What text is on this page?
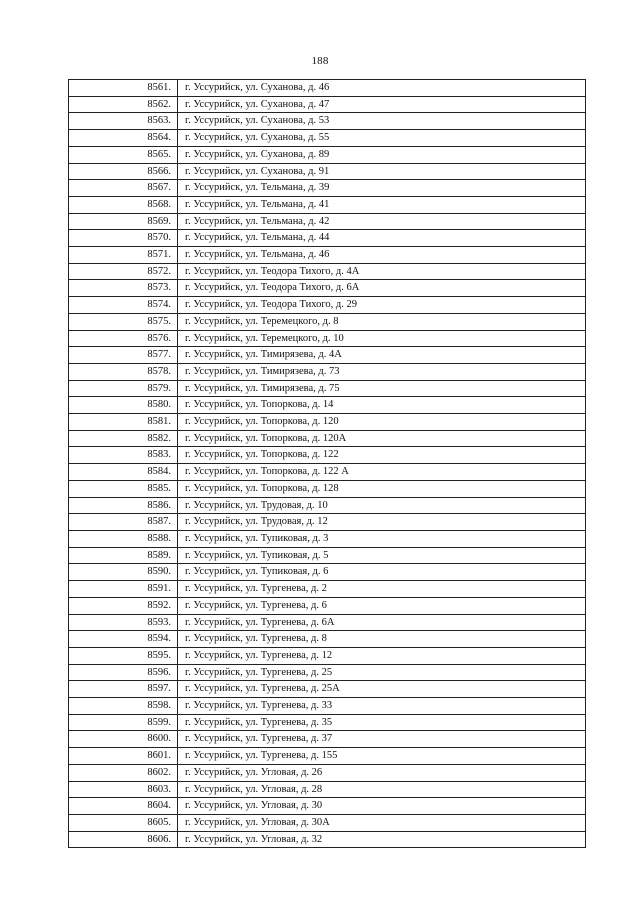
188
8561.	г. Уссурийск, ул. Суханова, д. 46
8562.	г. Уссурийск, ул. Суханова, д. 47
8563.	г. Уссурийск, ул. Суханова, д. 53
8564.	г. Уссурийск, ул. Суханова, д. 55
8565.	г. Уссурийск, ул. Суханова, д. 89
8566.	г. Уссурийск, ул. Суханова, д. 91
8567.	г. Уссурийск, ул. Тельмана, д. 39
8568.	г. Уссурийск, ул. Тельмана, д. 41
8569.	г. Уссурийск, ул. Тельмана, д. 42
8570.	г. Уссурийск, ул. Тельмана, д. 44
8571.	г. Уссурийск, ул. Тельмана, д. 46
8572.	г. Уссурийск, ул. Теодора Тихого, д. 4А
8573.	г. Уссурийск, ул. Теодора Тихого, д. 6А
8574.	г. Уссурийск, ул. Теодора Тихого, д. 29
8575.	г. Уссурийск, ул. Теремецкого, д. 8
8576.	г. Уссурийск, ул. Теремецкого, д. 10
8577.	г. Уссурийск, ул. Тимирязева, д. 4А
8578.	г. Уссурийск, ул. Тимирязева, д. 73
8579.	г. Уссурийск, ул. Тимирязева, д. 75
8580.	г. Уссурийск, ул. Топоркова, д. 14
8581.	г. Уссурийск, ул. Топоркова, д. 120
8582.	г. Уссурийск, ул. Топоркова, д. 120А
8583.	г. Уссурийск, ул. Топоркова, д. 122
8584.	г. Уссурийск, ул. Топоркова, д. 122 А
8585.	г. Уссурийск, ул. Топоркова, д. 128
8586.	г. Уссурийск, ул. Трудовая, д. 10
8587.	г. Уссурийск, ул. Трудовая, д. 12
8588.	г. Уссурийск, ул. Тупиковая, д. 3
8589.	г. Уссурийск, ул. Тупиковая, д. 5
8590.	г. Уссурийск, ул. Тупиковая, д. 6
8591.	г. Уссурийск, ул. Тургенева, д. 2
8592.	г. Уссурийск, ул. Тургенева, д. 6
8593.	г. Уссурийск, ул. Тургенева, д. 6А
8594.	г. Уссурийск, ул. Тургенева, д. 8
8595.	г. Уссурийск, ул. Тургенева, д. 12
8596.	г. Уссурийск, ул. Тургенева, д. 25
8597.	г. Уссурийск, ул. Тургенева, д. 25А
8598.	г. Уссурийск, ул. Тургенева, д. 33
8599.	г. Уссурийск, ул. Тургенева, д. 35
8600.	г. Уссурийск, ул. Тургенева, д. 37
8601.	г. Уссурийск, ул. Тургенева, д. 155
8602.	г. Уссурийск, ул. Угловая, д. 26
8603.	г. Уссурийск, ул. Угловая, д. 28
8604.	г. Уссурийск, ул. Угловая, д. 30
8605.	г. Уссурийск, ул. Угловая, д. 30А
8606.	г. Уссурийск, ул. Угловая, д. 32
